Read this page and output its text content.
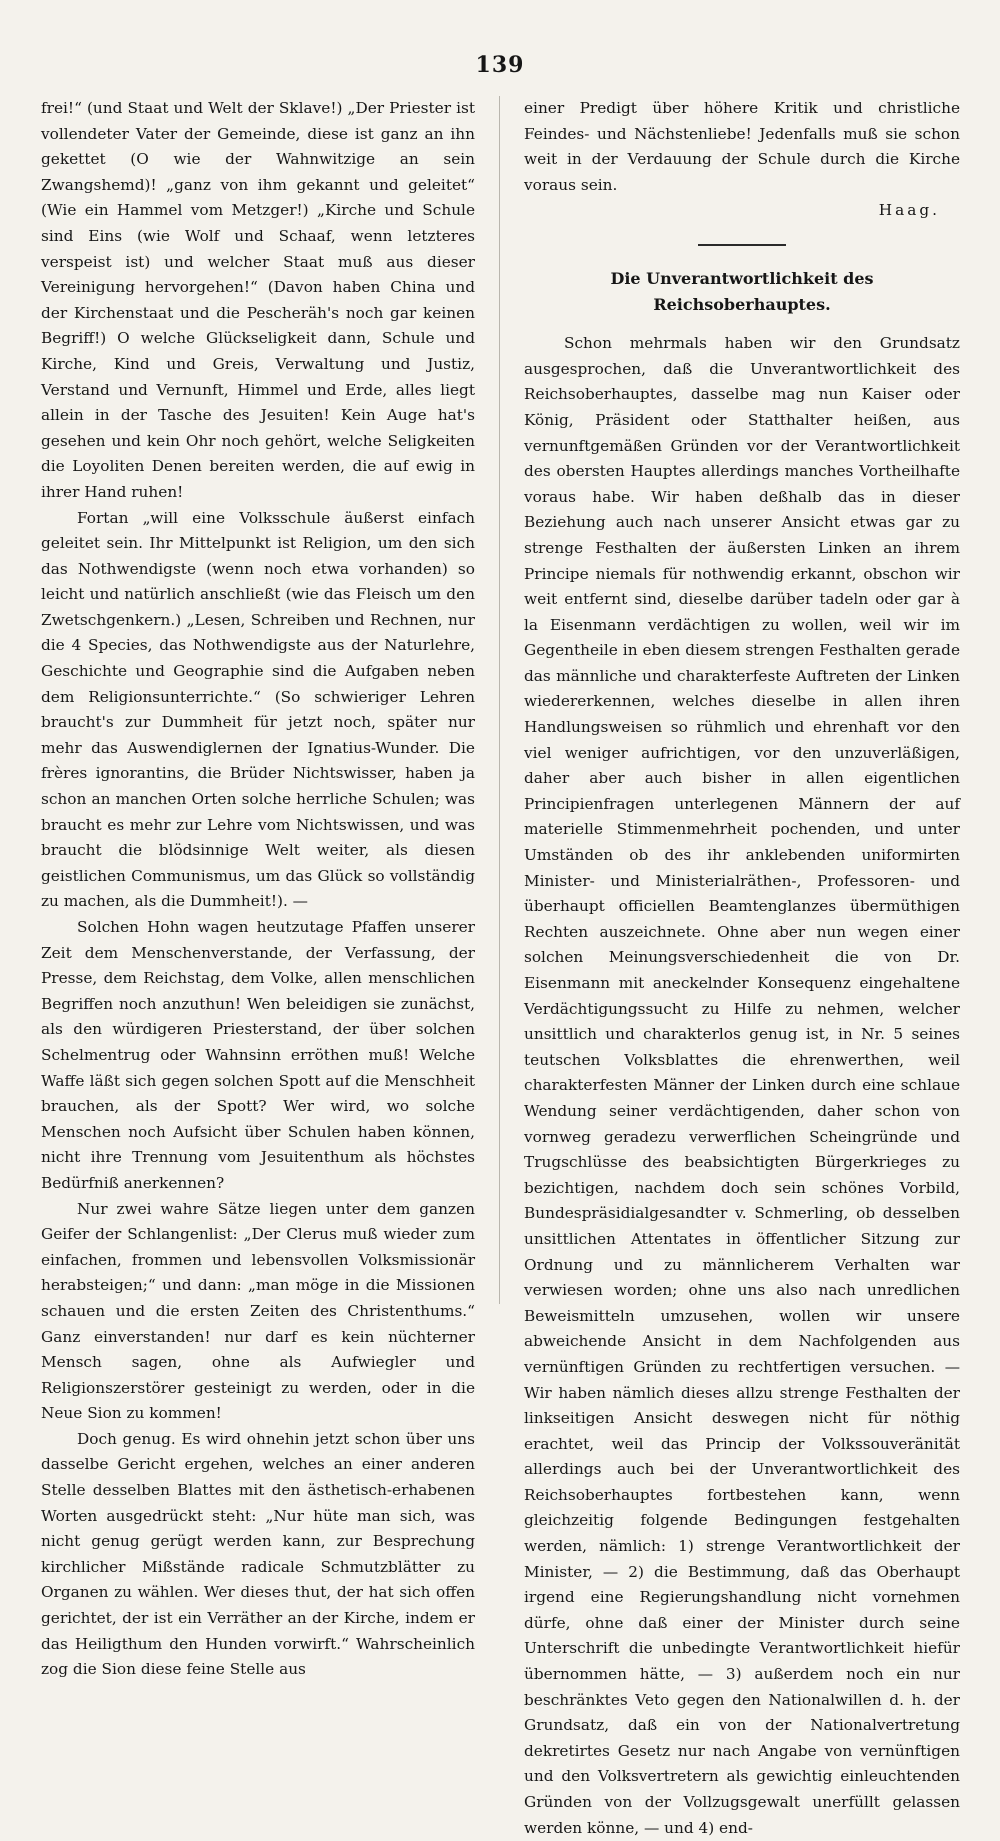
139

frei!“ (und Staat und Welt der Sklave!) „Der Priester ist vollendeter Vater der Gemeinde, diese ist ganz an ihn gekettet (O wie der Wahnwitzige an sein Zwangshemd)! „ganz von ihm gekannt und geleitet“ (Wie ein Hammel vom Metzger!) „Kirche und Schule sind Eins (wie Wolf und Schaaf, wenn letzteres verspeist ist) und welcher Staat muß aus dieser Vereinigung hervorgehen!“ (Davon haben China und der Kirchenstaat und die Pescheräh's noch gar keinen Begriff!) O welche Glückseligkeit dann, Schule und Kirche, Kind und Greis, Verwaltung und Justiz, Verstand und Vernunft, Himmel und Erde, alles liegt allein in der Tasche des Jesuiten! Kein Auge hat's gesehen und kein Ohr noch gehört, welche Seligkeiten die Loyoliten Denen bereiten werden, die auf ewig in ihrer Hand ruhen!

Fortan „will eine Volksschule äußerst einfach geleitet sein. Ihr Mittelpunkt ist Religion, um den sich das Nothwendigste (wenn noch etwa vorhanden) so leicht und natürlich anschließt (wie das Fleisch um den Zwetschgenkern.) „Lesen, Schreiben und Rechnen, nur die 4 Species, das Nothwendigste aus der Naturlehre, Geschichte und Geographie sind die Aufgaben neben dem Religionsunterrichte.“ (So schwieriger Lehren braucht's zur Dummheit für jetzt noch, später nur mehr das Auswendiglernen der Ignatius-Wunder. Die frères ignorantins, die Brüder Nichtswisser, haben ja schon an manchen Orten solche herrliche Schulen; was braucht es mehr zur Lehre vom Nichtswissen, und was braucht die blödsinnige Welt weiter, als diesen geistlichen Communismus, um das Glück so vollständig zu machen, als die Dummheit!). —

Solchen Hohn wagen heutzutage Pfaffen unserer Zeit dem Menschenverstande, der Verfassung, der Presse, dem Reichstag, dem Volke, allen menschlichen Begriffen noch anzuthun! Wen beleidigen sie zunächst, als den würdigeren Priesterstand, der über solchen Schelmentrug oder Wahnsinn erröthen muß! Welche Waffe läßt sich gegen solchen Spott auf die Menschheit brauchen, als der Spott? Wer wird, wo solche Menschen noch Aufsicht über Schulen haben können, nicht ihre Trennung vom Jesuitenthum als höchstes Bedürfniß anerkennen?

Nur zwei wahre Sätze liegen unter dem ganzen Geifer der Schlangenlist: „Der Clerus muß wieder zum einfachen, frommen und lebensvollen Volksmissionär herabsteigen;“ und dann: „man möge in die Missionen schauen und die ersten Zeiten des Christenthums.“ Ganz einverstanden! nur darf es kein nüchterner Mensch sagen, ohne als Aufwiegler und Religionszerstörer gesteinigt zu werden, oder in die Neue Sion zu kommen!

Doch genug. Es wird ohnehin jetzt schon über uns dasselbe Gericht ergehen, welches an einer anderen Stelle desselben Blattes mit den ästhetisch-erhabenen Worten ausgedrückt steht: „Nur hüte man sich, was nicht genug gerügt werden kann, zur Besprechung kirchlicher Mißstände radicale Schmutzblätter zu Organen zu wählen. Wer dieses thut, der hat sich offen gerichtet, der ist ein Verräther an der Kirche, indem er das Heiligthum den Hunden vorwirft.“ Wahrscheinlich zog die Sion diese feine Stelle aus

einer Predigt über höhere Kritik und christliche Feindes- und Nächstenliebe! Jedenfalls muß sie schon weit in der Verdauung der Schule durch die Kirche voraus sein.

Haag.

Die Unverantwortlichkeit des Reichsoberhauptes.

Schon mehrmals haben wir den Grundsatz ausgesprochen, daß die Unverantwortlichkeit des Reichsoberhauptes, dasselbe mag nun Kaiser oder König, Präsident oder Statthalter heißen, aus vernunftgemäßen Gründen vor der Verantwortlichkeit des obersten Hauptes allerdings manches Vortheilhafte voraus habe. Wir haben deßhalb das in dieser Beziehung auch nach unserer Ansicht etwas gar zu strenge Festhalten der äußersten Linken an ihrem Principe niemals für nothwendig erkannt, obschon wir weit entfernt sind, dieselbe darüber tadeln oder gar à la Eisenmann verdächtigen zu wollen, weil wir im Gegentheile in eben diesem strengen Festhalten gerade das männliche und charakterfeste Auftreten der Linken wiedererkennen, welches dieselbe in allen ihren Handlungsweisen so rühmlich und ehrenhaft vor den viel weniger aufrichtigen, vor den unzuverläßigen, daher aber auch bisher in allen eigentlichen Principienfragen unterlegenen Männern der auf materielle Stimmenmehrheit pochenden, und unter Umständen ob des ihr anklebenden uniformirten Minister- und Ministerialräthen-, Professoren- und überhaupt officiellen Beamtenglanzes übermüthigen Rechten auszeichnete. Ohne aber nun wegen einer solchen Meinungsverschiedenheit die von Dr. Eisenmann mit aneckelnder Konsequenz eingehaltene Verdächtigungssucht zu Hilfe zu nehmen, welcher unsittlich und charakterlos genug ist, in Nr. 5 seines teutschen Volksblattes die ehrenwerthen, weil charakterfesten Männer der Linken durch eine schlaue Wendung seiner verdächtigenden, daher schon von vornweg geradezu verwerflichen Scheingründe und Trugschlüsse des beabsichtigten Bürgerkrieges zu bezichtigen, nachdem doch sein schönes Vorbild, Bundespräsidialgesandter v. Schmerling, ob desselben unsittlichen Attentates in öffentlicher Sitzung zur Ordnung und zu männlicherem Verhalten war verwiesen worden; ohne uns also nach unredlichen Beweismitteln umzusehen, wollen wir unsere abweichende Ansicht in dem Nachfolgenden aus vernünftigen Gründen zu rechtfertigen versuchen. — Wir haben nämlich dieses allzu strenge Festhalten der linkseitigen Ansicht deswegen nicht für nöthig erachtet, weil das Princip der Volkssouveränität allerdings auch bei der Unverantwortlichkeit des Reichsoberhauptes fortbestehen kann, wenn gleichzeitig folgende Bedingungen festgehalten werden, nämlich: 1) strenge Verantwortlichkeit der Minister, — 2) die Bestimmung, daß das Oberhaupt irgend eine Regierungshandlung nicht vornehmen dürfe, ohne daß einer der Minister durch seine Unterschrift die unbedingte Verantwortlichkeit hiefür übernommen hätte, — 3) außerdem noch ein nur beschränktes Veto gegen den Nationalwillen d. h. der Grundsatz, daß ein von der Nationalvertretung dekretirtes Gesetz nur nach Angabe von vernünftigen und den Volksvertretern als gewichtig einleuchtenden Gründen von der Vollzugsgewalt unerfüllt gelassen werden könne, — und 4) end-
